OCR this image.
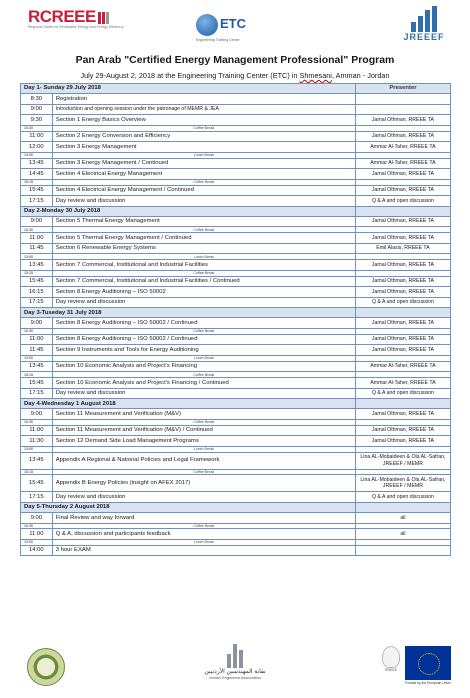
RCREEE
Regional Center for Renewable Energy and Energy Efficiency	ETC
Engineering Training Center	JREEEF
Pan Arab "Certified Energy Management Professional" Program
July 29-August 2, 2018 at the Engineering Training Center (ETC) in Shmesani, Amman - Jordan
Day 1- Sunday 29 July 2018		Presenter
8:30	Registration	
9:00	Introduction and opening session under the patronage of MEMR & JEA	
9:30	Section 1 Energy Basics Overview	Jamal Othman, RREEE TA
10:30	Coffee Break	
11:00	Section 2 Energy Conversion and Efficiency	Jamal Othman, RREEE TA
12:00	Section 3 Energy Management	Ammar Al-Taher, RREEE TA
13:00	Lunch Break	
13:45	Section 3 Energy Management / Continued	Ammar Al-Taher, RREEE TA
14:45	Section 4 Electrical Energy Management	Jamal Othman, RREEE TA
15:15	Coffee Break	
15:45	Section 4 Electrical Energy Management / Continued	Jamal Othman, RREEE TA
17:15	Day review and discussion	Q & A and open discussion
Day 2-Monday 30 July 2018		
9:00	Section 5 Thermal Energy Management	Jamal Othman, RREEE TA
10:30	Coffee Break	
11:00	Section 5 Thermal Energy Management / Continued	Jamal Othman, RREEE TA
11:45	Section 6 Renewable Energy Systems	Emil Alasis, RREEE TA
13:00	Lunch Break	
13:45	Section 7 Commercial, Institutional and Industrial Facilities	Jamal Othman, RREEE TA
15:15	Coffee Break	
15:45	Section 7 Commercial, Institutional and Industrial Facilities / Continued	Jamal Othman, RREEE TA
16:15	Section 8 Energy Auditioning – ISO 50002	Jamal Othman, RREEE TA
17:15	Day review and discussion	Q & A and open discussion
Day 3-Tuseday 31 July 2018		
9:00	Section 8 Energy Auditioning – ISO 50002 / Continued	Jamal Othman, RREEE TA
10:30	Coffee Break	
11:00	Section 8 Energy Auditioning – ISO 50002 / Continued	Jamal Othman, RREEE TA
11:45	Section 9 Instruments and Tools for Energy Auditioning	Jamal Othman, RREEE TA
13:00	Lunch Break	
13:45	Section 10 Economic Analysis and Project’s Financing	Ammar Al-Taher, RREEE TA
15:15	Coffee Break	
15:45	Section 10 Economic Analysis and Project’s Financing / Continued	Ammar Al-Taher, RREEE TA
17:15	Day review and discussion	Q & A and open discussion
Day 4-Wednesday 1 August 2018		
9:00	Section 11 Measurement and Verification (M&V)	Jamal Othman, RREEE TA
10:30	Coffee Break	
11:00	Section 11 Measurement and Verification (M&V) / Continued	Jamal Othman, RREEE TA
11:30	Section 12 Demand Side Load Management Programs	Jamal Othman, RREEE TA
13:00	Lunch Break	
13:45	Appendix A Regional & National Policies and Legal Framework	Lina AL-Mobaideen & Ola AL-Safran, JREEEF / MEMR
15:15	Coffee Break	
15:45	Appendix B Energy Policies (insight on AFEX 2017)	Lina AL-Mobaideen & Ola AL-Safran, JREEEF / MEMR
17:15	Day review and discussion	Q & A and open discussion
Day 5-Thursday 2 August 2018		
9:00	Final Review and way forward	all
10:30	Coffee Break	
11:00	Q & A, discussion and participants feedback	all
13:00	Lunch Break	
14:00	3 hour EXAM	
نقابة المهندسين الأردنيين
Jordan Engineers Association
RREEE
Funded by the European Union
